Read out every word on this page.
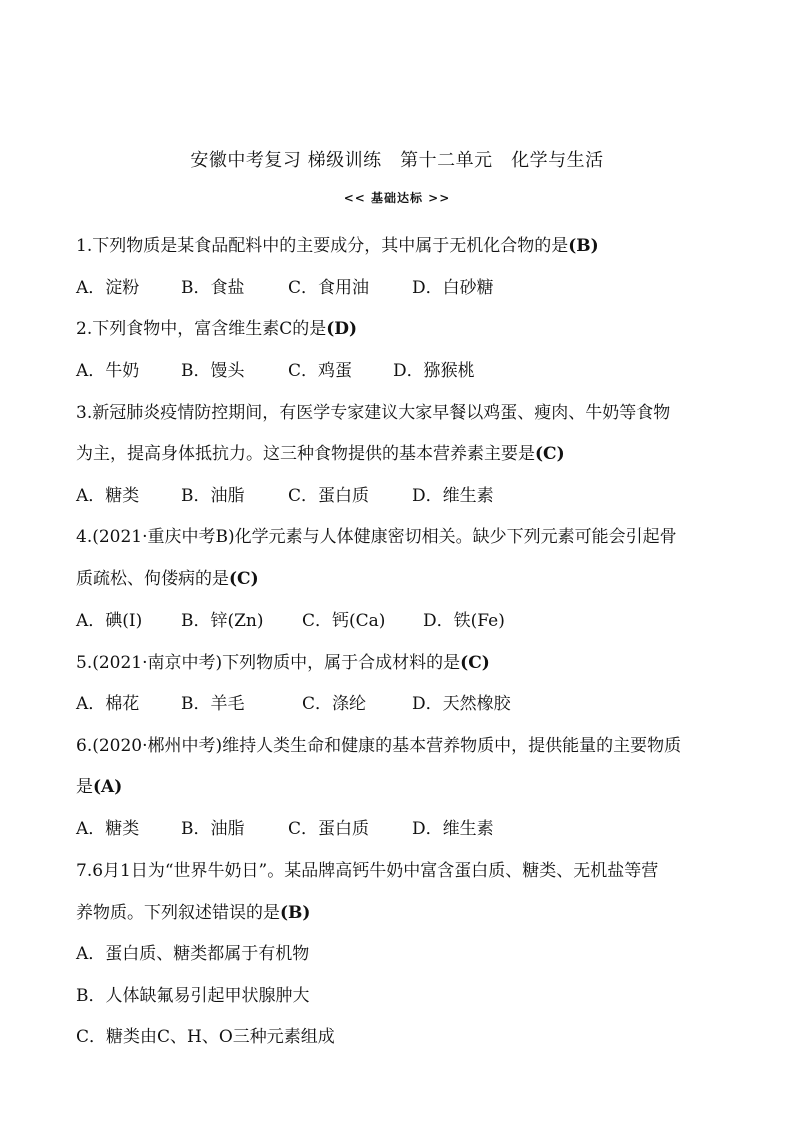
安徽中考复习 梯级训练　第十二单元　化学与生活
<< 基础达标 >>
1.下列物质是某食品配料中的主要成分，其中属于无机化合物的是(B)
A．淀粉 B．食盐	C．食用油	D．白砂糖
2.下列食物中，富含维生素C的是(D)
A．牛奶 B．馒头	C．鸡蛋 D．猕猴桃
3.新冠肺炎疫情防控期间，有医学专家建议大家早餐以鸡蛋、瘦肉、牛奶等食物
为主，提高身体抵抗力。这三种食物提供的基本营养素主要是(C)
A．糖类 B．油脂	C．蛋白质	D．维生素
4.(2021·重庆中考B)化学元素与人体健康密切相关。缺少下列元素可能会引起骨
质疏松、佝偻病的是(C)
A．碘(I) B．锌(Zn) C．钙(Ca) D．铁(Fe)
5.(2021·南京中考)下列物质中，属于合成材料的是(C)
A．棉花 B．羊毛	C．涤纶	D．天然橡胶
6.(2020·郴州中考)维持人类生命和健康的基本营养物质中，提供能量的主要物质
是(A)
A．糖类 B．油脂	C．蛋白质	D．维生素
7.6月1日为“世界牛奶日”。某品牌高钙牛奶中富含蛋白质、糖类、无机盐等营
养物质。下列叙述错误的是(B)
A．蛋白质、糖类都属于有机物
B．人体缺氟易引起甲状腺肿大
C．糖类由C、H、O三种元素组成
